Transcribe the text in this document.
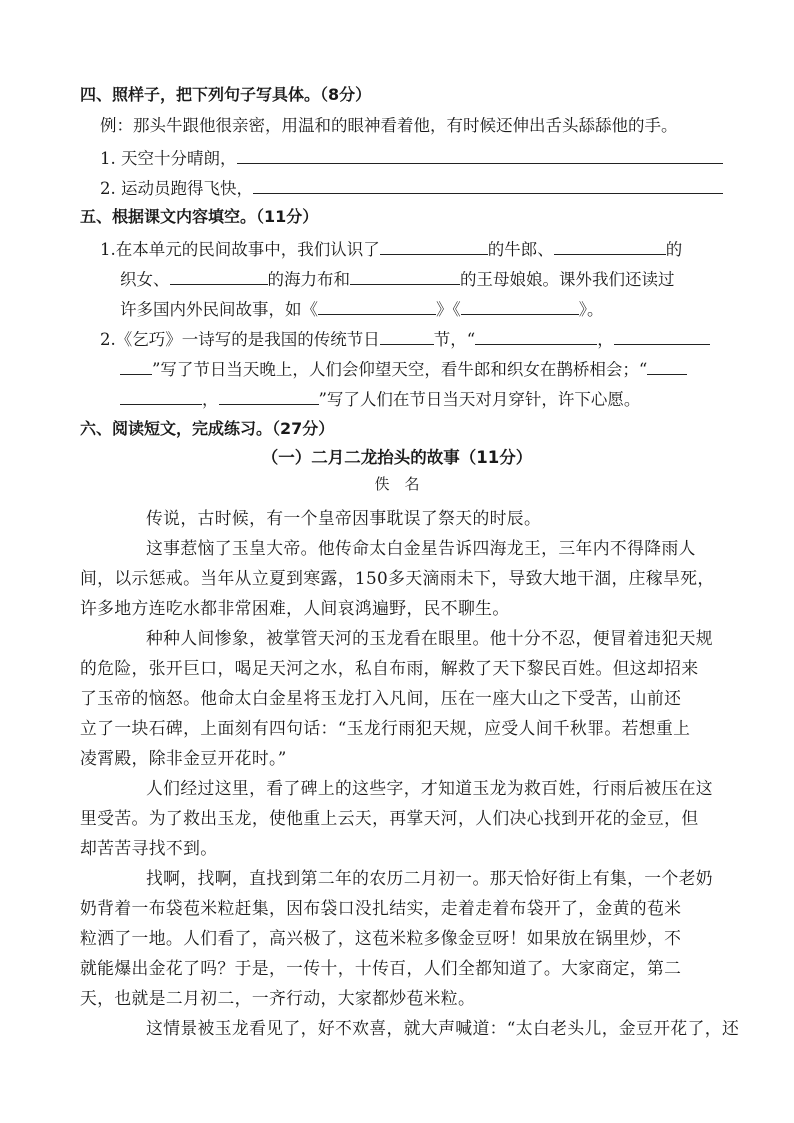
四、照样子，把下列句子写具体。（8分）
例：那头牛跟他很亲密，用温和的眼神看着他，有时候还伸出舌头舔舔他的手。
1. 天空十分晴朗，
2. 运动员跑得飞快，
五、根据课文内容填空。（11分）
1.在本单元的民间故事中，我们认识了	的牛郎、	的
织女、	的海力布和	的王母娘娘。课外我们还读过
许多国内外民间故事，如《	》《	》。
2.《乞巧》一诗写的是我国的传统节日	节，“	，
”写了节日当天晚上，人们会仰望天空，看牛郎和织女在鹊桥相会；“
，	”写了人们在节日当天对月穿针，许下心愿。
六、阅读短文，完成练习。（27分）
（一）二月二龙抬头的故事（11分）
佚　名
传说，古时候，有一个皇帝因事耽误了祭天的时辰。
这事惹恼了玉皇大帝。他传命太白金星告诉四海龙王，三年内不得降雨人
间，以示惩戒。当年从立夏到寒露，150多天滴雨未下，导致大地干涸，庄稼旱死，
许多地方连吃水都非常困难，人间哀鸿遍野，民不聊生。
种种人间惨象，被掌管天河的玉龙看在眼里。他十分不忍，便冒着违犯天规
的危险，张开巨口，喝足天河之水，私自布雨，解救了天下黎民百姓。但这却招来
了玉帝的恼怒。他命太白金星将玉龙打入凡间，压在一座大山之下受苦，山前还
立了一块石碑，上面刻有四句话：“玉龙行雨犯天规，应受人间千秋罪。若想重上
凌霄殿，除非金豆开花时。”
人们经过这里，看了碑上的这些字，才知道玉龙为救百姓，行雨后被压在这
里受苦。为了救出玉龙，使他重上云天，再掌天河，人们决心找到开花的金豆，但
却苦苦寻找不到。
找啊，找啊，直找到第二年的农历二月初一。那天恰好街上有集，一个老奶
奶背着一布袋苞米粒赶集，因布袋口没扎结实，走着走着布袋开了，金黄的苞米
粒洒了一地。人们看了，高兴极了，这苞米粒多像金豆呀！如果放在锅里炒，不
就能爆出金花了吗？于是，一传十，十传百，人们全都知道了。大家商定，第二
天，也就是二月初二，一齐行动，大家都炒苞米粒。
这情景被玉龙看见了，好不欢喜，就大声喊道：“太白老头儿，金豆开花了，还
